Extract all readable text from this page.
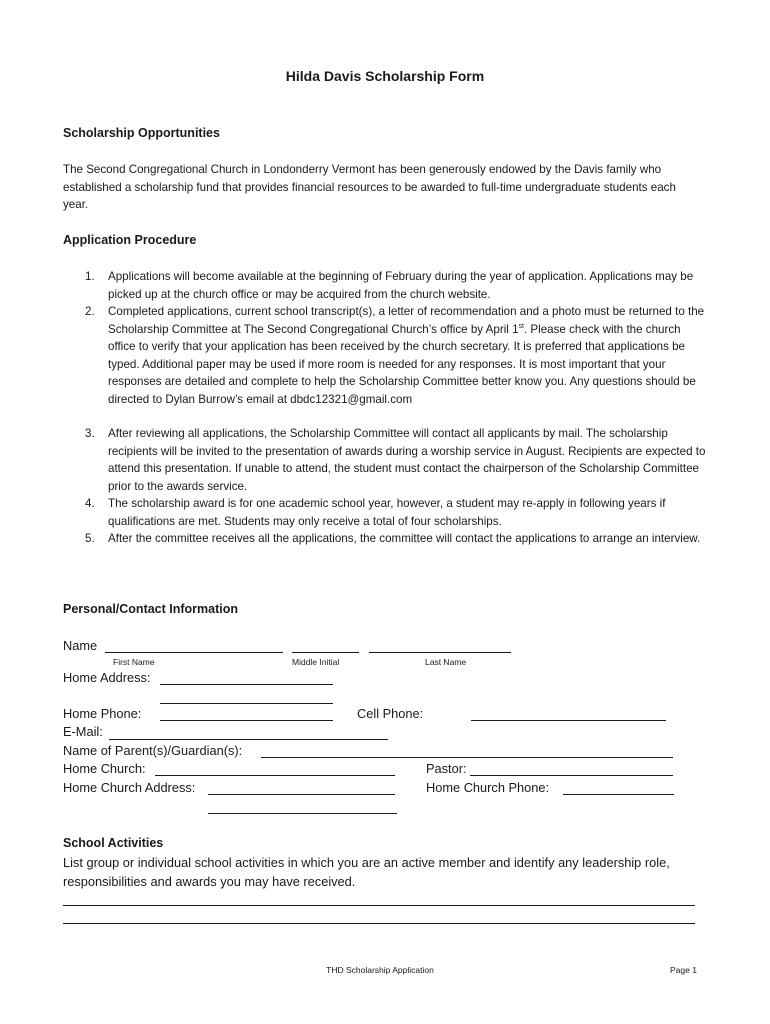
Hilda Davis Scholarship Form
Scholarship Opportunities
The Second Congregational Church in Londonderry Vermont has been generously endowed by the Davis family who established a scholarship fund that provides financial resources to be awarded to full-time undergraduate students each year.
Application Procedure
1. Applications will become available at the beginning of February during the year of application. Applications may be picked up at the church office or may be acquired from the church website.
2. Completed applications, current school transcript(s), a letter of recommendation and a photo must be returned to the Scholarship Committee at The Second Congregational Church’s office by April 1st. Please check with the church office to verify that your application has been received by the church secretary. It is preferred that applications be typed. Additional paper may be used if more room is needed for any responses. It is most important that your responses are detailed and complete to help the Scholarship Committee better know you. Any questions should be directed to Dylan Burrow’s email at dbdc12321@gmail.com
3. After reviewing all applications, the Scholarship Committee will contact all applicants by mail. The scholarship recipients will be invited to the presentation of awards during a worship service in August. Recipients are expected to attend this presentation. If unable to attend, the student must contact the chairperson of the Scholarship Committee prior to the awards service.
4. The scholarship award is for one academic school year, however, a student may re-apply in following years if qualifications are met. Students may only receive a total of four scholarships.
5. After the committee receives all the applications, the committee will contact the applications to arrange an interview.
Personal/Contact Information
Name
First Name	Middle Initial	Last Name
Home Address:
Home Phone:	Cell Phone:
E-Mail:
Name of Parent(s)/Guardian(s):
Home Church:	Pastor:
Home Church Address:	Home Church Phone:
School Activities
List group or individual school activities in which you are an active member and identify any leadership role, responsibilities and awards you may have received.
THD Scholarship Application	Page 1
